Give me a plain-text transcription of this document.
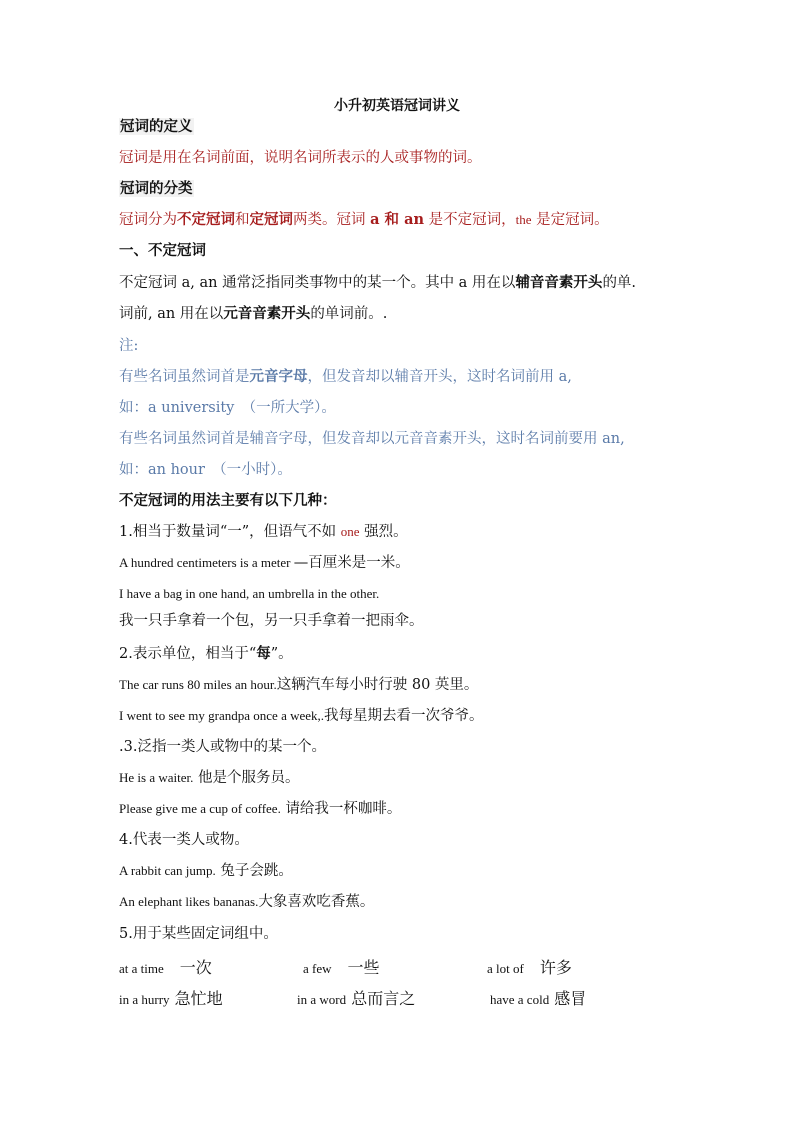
小升初英语冠词讲义
冠词的定义
冠词是用在名词前面，说明名词所表示的人或事物的词。
冠词的分类
冠词分为不定冠词和定冠词两类。冠词 a 和 an 是不定冠词，the 是定冠词。
一、不定冠词
不定冠词 a, an 通常泛指同类事物中的某一个。其中 a 用在以辅音音素开头的单.
词前, an 用在以元音音素开头的单词前。.
注:
有些名词虽然词首是元音字母，但发音却以辅音开头，这时名词前用 a,
如：a university　（一所大学）。
有些名词虽然词首是辅音字母，但发音却以元音音素开头，这时名词前要用 an,
如：an hour　（一小时）。
不定冠词的用法主要有以下几种：
1.相当于数量词“一”，但语气不如 one 强烈。
A hundred centimeters is a meter —百厘米是一米。
I have a bag in one hand, an umbrella in the other.
我一只手拿着一个包，另一只手拿着一把雨伞。
2.表示单位，相当于“每”。
The car runs 80 miles an hour.这辆汽车每小时行驶 80 英里。
I went to see my grandpa once a week,.我每星期去看一次爷爷。
.3.泛指一类人或物中的某一个。
He is a waiter. 他是个服务员。
Please give me a cup of coffee. 请给我一杯咖啡。
4.代表一类人或物。
A rabbit can jump. 兔子会跳。
An elephant likes bananas.大象喜欢吃香蕉。
5.用于某些固定词组中。
at a time　 一次	a few　 一些	a lot of　 许多
in a hurry 急忙地	in a word 总而言之	have a cold 感冒
